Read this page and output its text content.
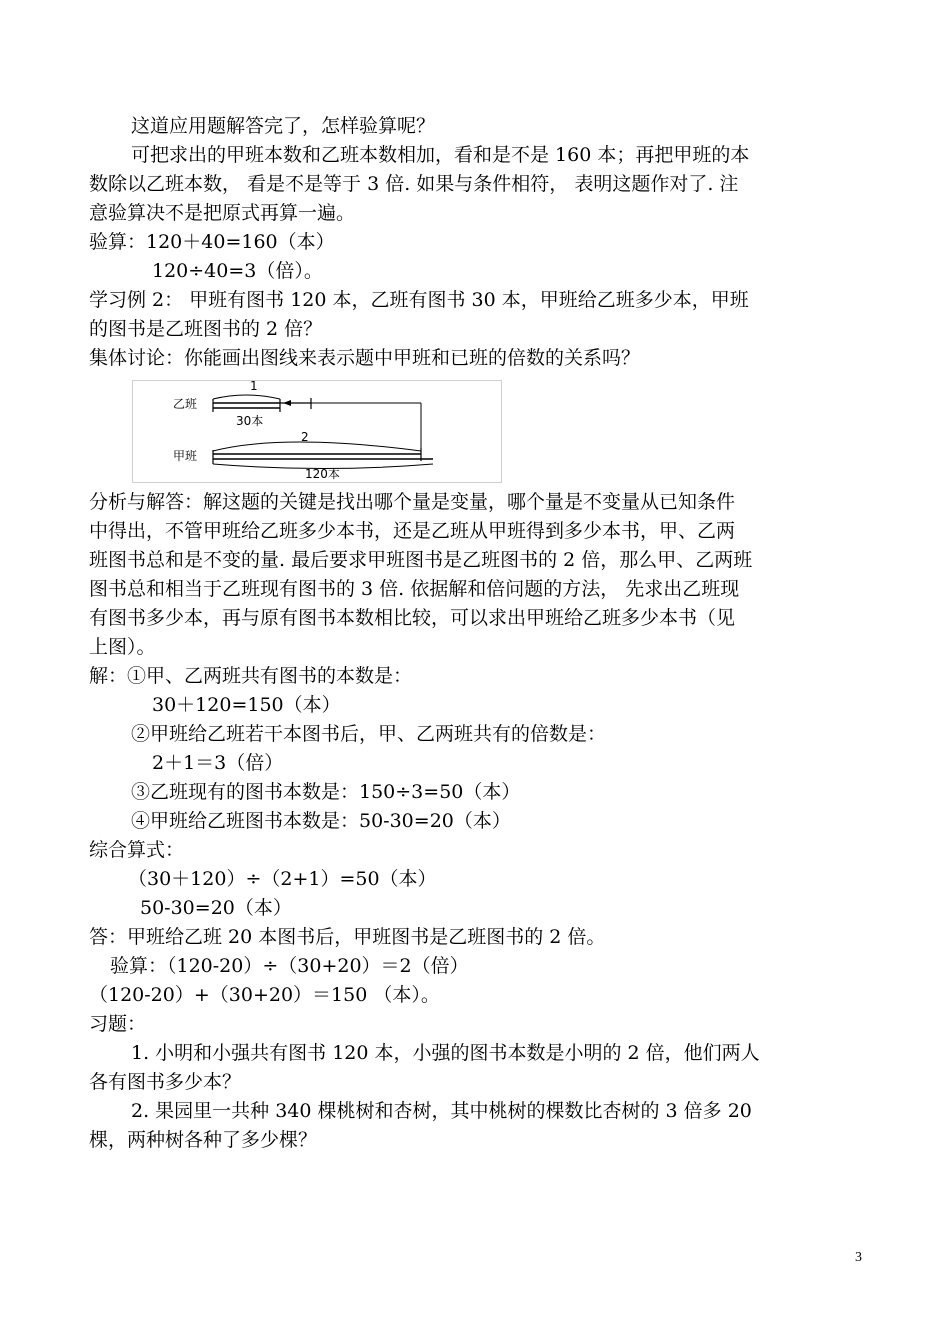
这道应用题解答完了，怎样验算呢？
可把求出的甲班本数和乙班本数相加，看和是不是 160 本；再把甲班的本
数除以乙班本数， 看是不是等于 3 倍. 如果与条件相符， 表明这题作对了. 注
意验算决不是把原式再算一遍。
验算：120＋40=160（本）
120÷40=3（倍）。
学习例 2： 甲班有图书 120 本，乙班有图书 30 本，甲班给乙班多少本，甲班
的图书是乙班图书的 2 倍？
集体讨论：你能画出图线来表示题中甲班和已班的倍数的关系吗？
乙班
1
30本
2
甲班
120本
分析与解答：解这题的关键是找出哪个量是变量，哪个量是不变量从已知条件
中得出，不管甲班给乙班多少本书，还是乙班从甲班得到多少本书，甲、乙两
班图书总和是不变的量. 最后要求甲班图书是乙班图书的 2 倍，那么甲、乙两班
图书总和相当于乙班现有图书的 3 倍. 依据解和倍问题的方法， 先求出乙班现
有图书多少本，再与原有图书本数相比较，可以求出甲班给乙班多少本书（见
上图）。
解：①甲、乙两班共有图书的本数是：
30＋120=150（本）
②甲班给乙班若干本图书后，甲、乙两班共有的倍数是：
2＋1＝3（倍）
③乙班现有的图书本数是：150÷3=50（本）
④甲班给乙班图书本数是：50-30=20（本）
综合算式：
（30＋120）÷（2+1）=50（本）
50-30=20（本）
答：甲班给乙班 20 本图书后，甲班图书是乙班图书的 2 倍。
验算：（120-20）÷（30+20）＝2（倍）
（120-20）+（30+20）＝150 （本）。
习题：
1. 小明和小强共有图书 120 本，小强的图书本数是小明的 2 倍，他们两人
各有图书多少本？
2. 果园里一共种 340 棵桃树和杏树，其中桃树的棵数比杏树的 3 倍多 20
棵，两种树各种了多少棵？
3
